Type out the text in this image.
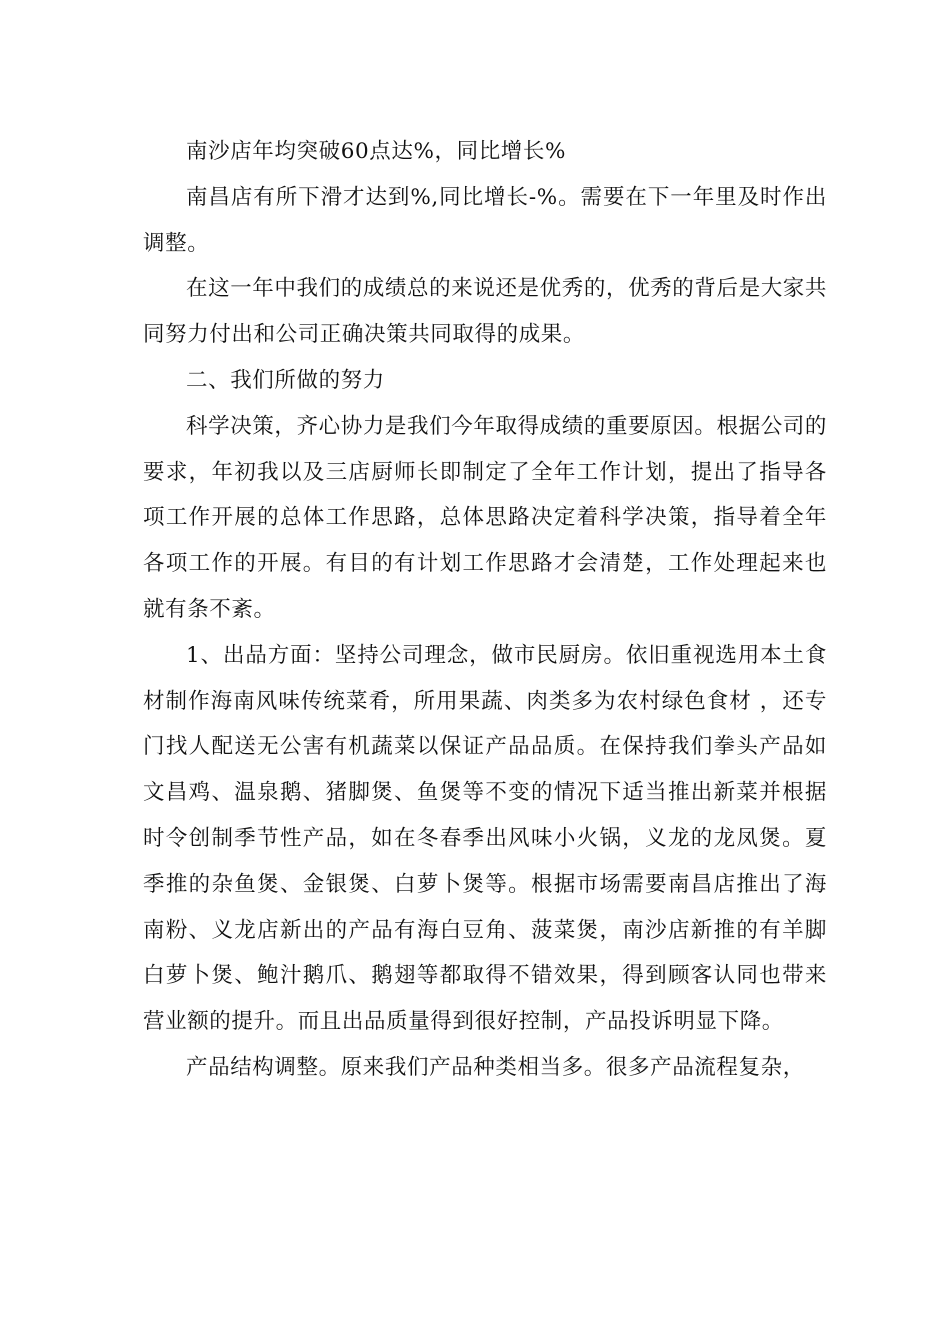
南沙店年均突破60点达%，同比增长%

南昌店有所下滑才达到%,同比增长-%。需要在下一年里及时作出调整。

在这一年中我们的成绩总的来说还是优秀的，优秀的背后是大家共同努力付出和公司正确决策共同取得的成果。

二、我们所做的努力

科学决策，齐心协力是我们今年取得成绩的重要原因。根据公司的要求，年初我以及三店厨师长即制定了全年工作计划，提出了指导各项工作开展的总体工作思路，总体思路决定着科学决策，指导着全年各项工作的开展。有目的有计划工作思路才会清楚，工作处理起来也就有条不紊。

1、出品方面：坚持公司理念，做市民厨房。依旧重视选用本土食材制作海南风味传统菜肴，所用果蔬、肉类多为农村绿色食材 ，还专门找人配送无公害有机蔬菜以保证产品品质。在保持我们拳头产品如文昌鸡、温泉鹅、猪脚煲、鱼煲等不变的情况下适当推出新菜并根据时令创制季节性产品，如在冬春季出风味小火锅，义龙的龙凤煲。夏季推的杂鱼煲、金银煲、白萝卜煲等。根据市场需要南昌店推出了海南粉、义龙店新出的产品有海白豆角、菠菜煲，南沙店新推的有羊脚白萝卜煲、鲍汁鹅爪、鹅翅等都取得不错效果，得到顾客认同也带来营业额的提升。而且出品质量得到很好控制，产品投诉明显下降。

产品结构调整。原来我们产品种类相当多。很多产品流程复杂，
